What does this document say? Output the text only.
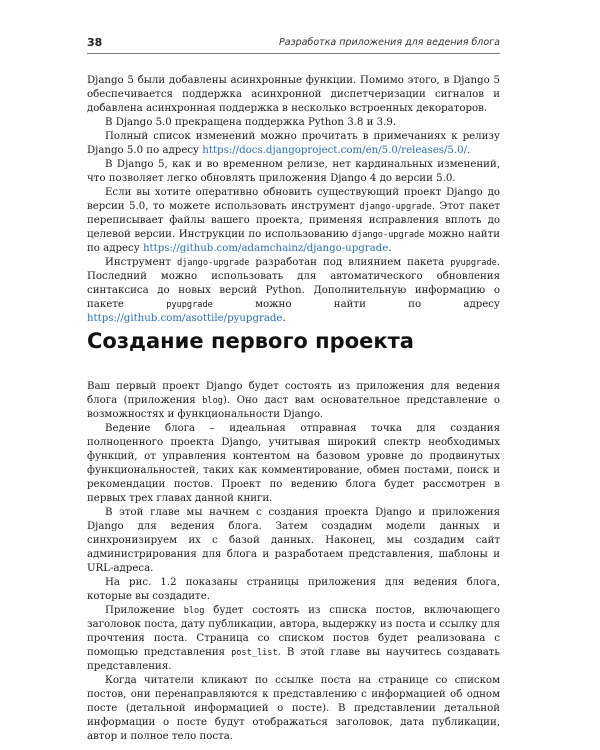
38	Разработка приложения для ведения блога

Django 5 были добавлены асинхронные функции. Помимо этого, в Django 5 обеспечивается поддержка асинхронной диспетчеризации сигналов и добавлена асинхронная поддержка в несколько встроенных декораторов.

В Django 5.0 прекращена поддержка Python 3.8 и 3.9.

Полный список изменений можно прочитать в примечаниях к релизу Django 5.0 по адресу https://docs.djangoproject.com/en/5.0/releases/5.0/.

В Django 5, как и во времeнном релизе, нет кардинальных изменений, что позволяет легко обновлять приложения Django 4 до версии 5.0.

Если вы хотите оперативно обновить существующий проект Django до версии 5.0, то можете использовать инструмент django-upgrade. Этот пакет переписывает файлы вашего проекта, применяя исправления вплоть до целевой версии. Инструкции по использованию django-upgrade можно найти по адресу https://github.com/adamchainz/django-upgrade.

Инструмент django-upgrade разработан под влиянием пакета pyupgrade. Последний можно использовать для автоматического обновления синтаксиса до новых версий Python. Дополнительную информацию о пакете pyupgrade можно найти по адресу https://github.com/asottile/pyupgrade.

Создание первого проекта

Ваш первый проект Django будет состоять из приложения для ведения блога (приложения blog). Оно даст вам основательное представление о возможностях и функциональности Django.

Ведение блога – идеальная отправная точка для создания полноценного проекта Django, учитывая широкий спектр необходимых функций, от управления контентом на базовом уровне до продвинутых функциональностей, таких как комментирование, обмен постами, поиск и рекомендации постов. Проект по ведению блога будет рассмотрен в первых трех главах данной книги.

В этой главе мы начнем с создания проекта Django и приложения Django для ведения блога. Затем создадим модели данных и синхронизируем их с базой данных. Наконец, мы создадим сайт администрирования для блога и разработаем представления, шаблоны и URL-адреса.

На рис. 1.2 показаны страницы приложения для ведения блога, которые вы создадите.

Приложение blog будет состоять из списка постов, включающего заголовок поста, дату публикации, автора, выдержку из поста и ссылку для прочтения поста. Страница со списком постов будет реализована с помощью представления post_list. В этой главе вы научитесь создавать представления.

Когда читатели кликают по ссылке поста на странице со списком постов, они перенаправляются к представлению с информацией об одном посте (детальной информацией о посте). В представлении детальной информации о посте будут отображаться заголовок, дата публикации, автор и полное тело поста.
